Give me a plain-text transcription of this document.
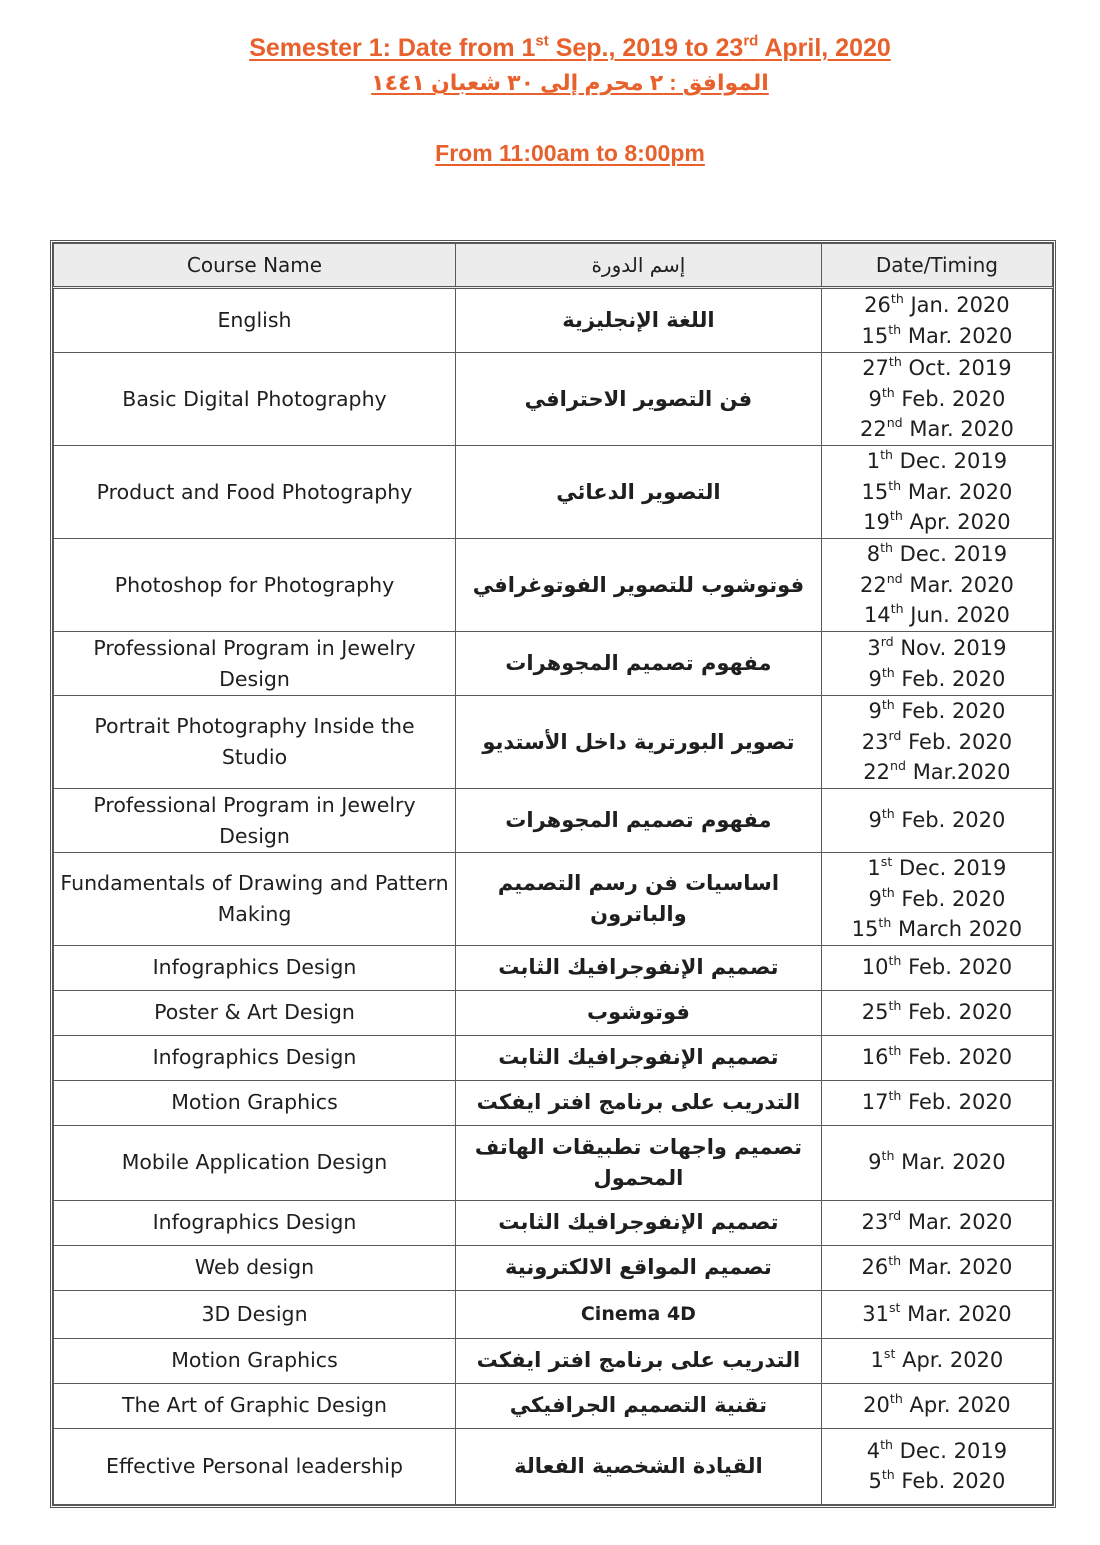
Semester 1: Date from 1st Sep., 2019 to 23rd April, 2020
الموافق : ٢ محرم إلى ٣٠ شعبان ١٤٤١
From 11:00am to 8:00pm
Course Name	إسم الدورة	Date/Timing
English	اللغة الإنجليزية	26th Jan. 2020
15th Mar. 2020

Basic Digital Photography	فن التصوير الاحترافي	27th Oct. 2019
9th Feb. 2020
22nd Mar. 2020

Product and Food Photography	التصوير الدعائي	1th Dec. 2019
15th Mar. 2020
19th Apr. 2020

Photoshop for Photography	فوتوشوب للتصوير الفوتوغرافي	8th Dec. 2019
22nd Mar. 2020
14th Jun. 2020

Professional Program in Jewelry Design	مفهوم تصميم المجوهرات	3rd Nov. 2019
9th Feb. 2020

Portrait Photography Inside the Studio	تصوير البورترية داخل الأستديو	9th Feb. 2020
23rd Feb. 2020
22nd Mar.2020

Professional Program in Jewelry Design	مفهوم تصميم المجوهرات	9th Feb. 2020

Fundamentals of Drawing and Pattern Making	اساسيات فن رسم التصميم والباترون	1st Dec. 2019
9th Feb. 2020
15th March 2020

Infographics Design	تصميم الإنفوجرافيك الثابت	10th Feb. 2020

Poster & Art Design	فوتوشوب	25th Feb. 2020

Infographics Design	تصميم الإنفوجرافيك الثابت	16th Feb. 2020

Motion Graphics	التدريب على برنامج افتر ايفكت	17th Feb. 2020

Mobile Application Design	تصميم واجهات تطبيقات الهاتف المحمول	9th Mar. 2020

Infographics Design	تصميم الإنفوجرافيك الثابت	23rd Mar. 2020

Web design	تصميم المواقع الالكترونية	26th Mar. 2020

3D Design	Cinema 4D	31st Mar. 2020

Motion Graphics	التدريب على برنامج افتر ايفكت	1st Apr. 2020

The Art of Graphic Design	تقنية التصميم الجرافيكي	20th Apr. 2020

Effective Personal leadership	القيادة الشخصية الفعالة	4th Dec. 2019
5th Feb. 2020
